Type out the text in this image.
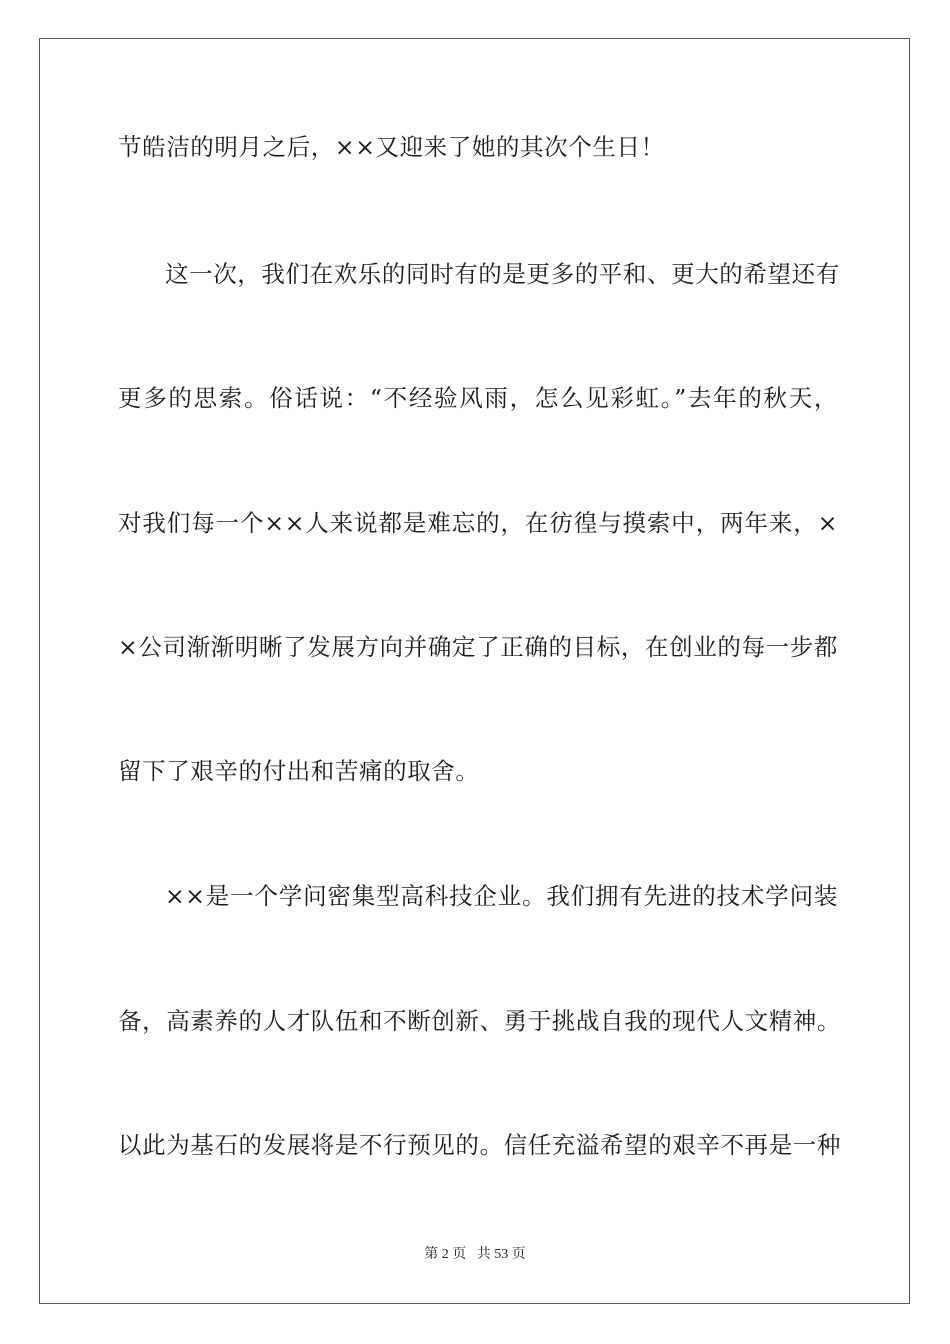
节皓洁的明月之后，××又迎来了她的其次个生日！

这一次，我们在欢乐的同时有的是更多的平和、更大的希望还有

更多的思索。俗话说：“不经验风雨，怎么见彩虹。”去年的秋天，

对我们每一个××人来说都是难忘的，在彷徨与摸索中，两年来，×

×公司渐渐明晰了发展方向并确定了正确的目标，在创业的每一步都

留下了艰辛的付出和苦痛的取舍。

××是一个学问密集型高科技企业。我们拥有先进的技术学问装

备，高素养的人才队伍和不断创新、勇于挑战自我的现代人文精神。

以此为基石的发展将是不行预见的。信任充溢希望的艰辛不再是一种

第 2 页 共 53 页
